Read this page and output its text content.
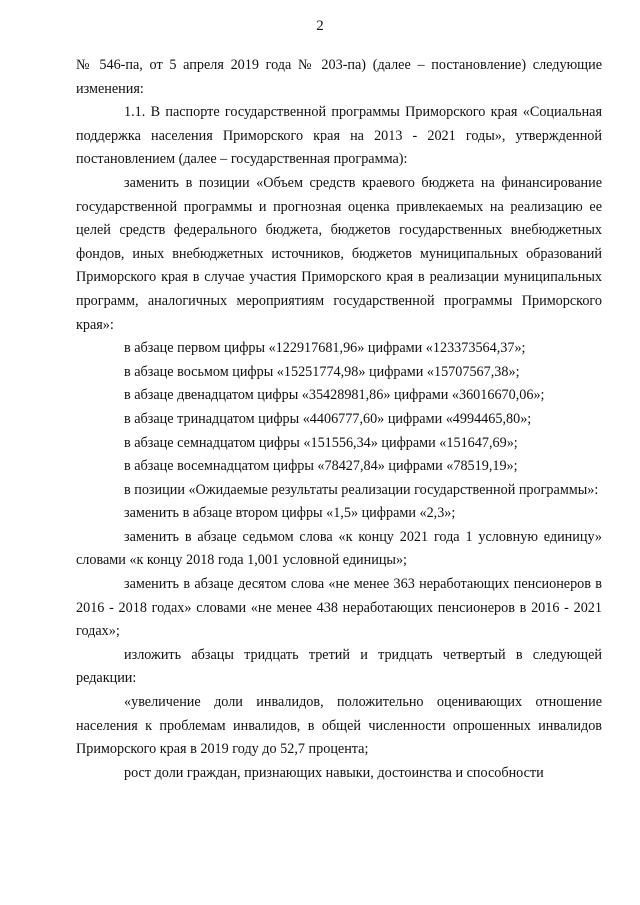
2

№ 546-па, от 5 апреля 2019 года № 203-па) (далее – постановление) следующие изменения:

1.1. В паспорте государственной программы Приморского края «Социальная поддержка населения Приморского края на 2013 - 2021 годы», утвержденной постановлением (далее – государственная программа):

заменить в позиции «Объем средств краевого бюджета на финансирование государственной программы и прогнозная оценка привлекаемых на реализацию ее целей средств федерального бюджета, бюджетов государственных внебюджетных фондов, иных внебюджетных источников, бюджетов муниципальных образований Приморского края в случае участия Приморского края в реализации муниципальных программ, аналогичных мероприятиям государственной программы Приморского края»:

в абзаце первом цифры «122917681,96» цифрами «123373564,37»;

в абзаце восьмом цифры «15251774,98» цифрами «15707567,38»;

в абзаце двенадцатом цифры «35428981,86» цифрами «36016670,06»;

в абзаце тринадцатом цифры «4406777,60» цифрами «4994465,80»;

в абзаце семнадцатом цифры «151556,34» цифрами «151647,69»;

в абзаце восемнадцатом цифры «78427,84» цифрами «78519,19»;

в позиции «Ожидаемые результаты реализации государственной программы»:

заменить в абзаце втором цифры «1,5» цифрами «2,3»;

заменить в абзаце седьмом слова «к концу 2021 года 1 условную единицу» словами «к концу 2018 года 1,001 условной единицы»;

заменить в абзаце десятом слова «не менее 363 неработающих пенсионеров в 2016 - 2018 годах» словами «не менее 438 неработающих пенсионеров в 2016 - 2021 годах»;

изложить абзацы тридцать третий и тридцать четвертый в следующей редакции:

«увеличение доли инвалидов, положительно оценивающих отношение населения к проблемам инвалидов, в общей численности опрошенных инвалидов Приморского края в 2019 году до 52,7 процента;

рост доли граждан, признающих навыки, достоинства и способности
